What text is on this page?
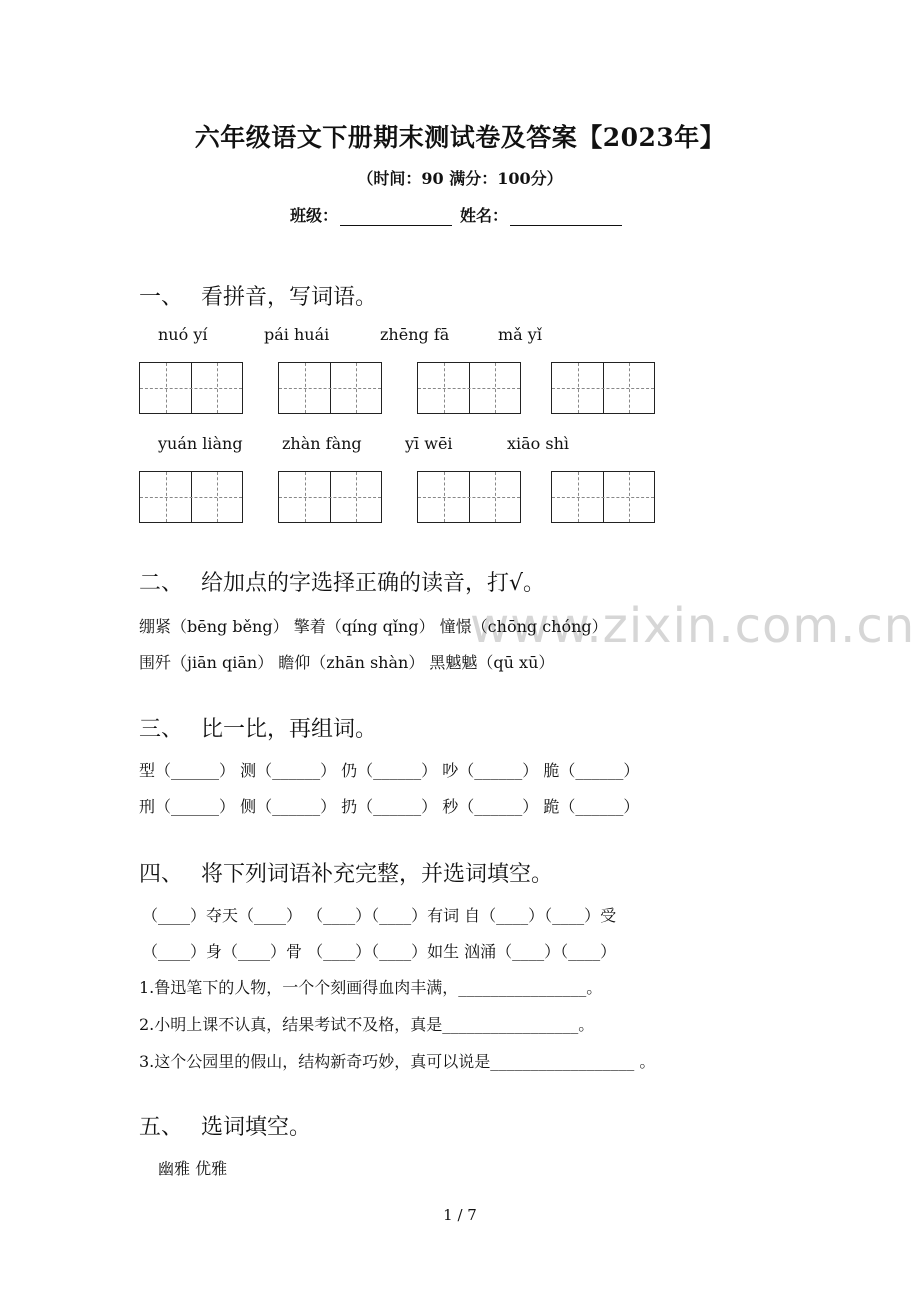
六年级语文下册期末测试卷及答案【2023年】
（时间：90 满分：100分）
班级：	姓名：
一、 看拼音，写词语。
nuó yí	pái huái	zhēng fā	mǎ yǐ
yuán liàng zhàn fàng	yī wēi	xiāo shì
www.zixin.com.cn
二、 给加点的字选择正确的读音，打√。
绷紧（bēng běng） 擎着（qíng qǐng） 憧憬（chōng chóng）
围歼（jiān qiān） 瞻仰（zhān shàn） 黑魆魆（qū xū）
三、 比一比，再组词。
型（______） 测（______） 仍（______） 吵（______） 脆（______）
刑（______） 侧（______） 扔（______） 秒（______） 跪（______）
四、 将下列词语补充完整，并选词填空。
（____）夺天（____） （____）（____）有词 自（____）（____）受
（____）身（____）骨 （____）（____）如生 汹涌（____）（____）
1.鲁迅笔下的人物，一个个刻画得血肉丰满，________________。
2.小明上课不认真，结果考试不及格，真是_________________。
3.这个公园里的假山，结构新奇巧妙，真可以说是__________________ 。
五、 选词填空。
幽雅 优雅
1 / 7
